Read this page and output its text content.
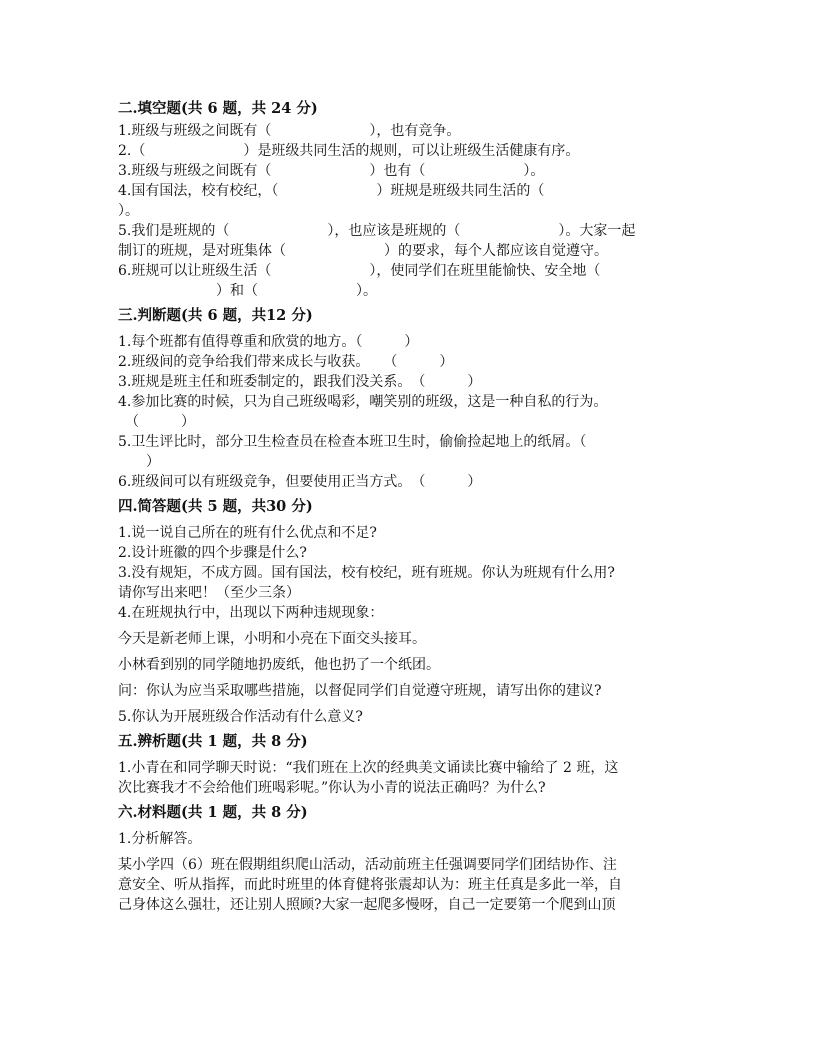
二.填空题(共 6 题，共 24 分)
1.班级与班级之间既有（　　　　　　　），也有竞争。
2.（　　　　　　　）是班级共同生活的规则，可以让班级生活健康有序。
3.班级与班级之间既有（　　　　　　　）也有（　　　　　　　）。
4.国有国法，校有校纪，（　　　　　　　）班规是班级共同生活的（
）。
5.我们是班规的（　　　　　　　），也应该是班规的（　　　　　　　）。大家一起
制订的班规，是对班集体（　　　　　　　）的要求，每个人都应该自觉遵守。
6.班规可以让班级生活（　　　　　　　），使同学们在班里能愉快、安全地（
　　　　　　　）和（　　　　　　　）。
三.判断题(共 6 题，共12 分)
1.每个班都有值得尊重和欣赏的地方。（　　　）
2.班级间的竞争给我们带来成长与收获。　　（　　　）
3.班规是班主任和班委制定的，跟我们没关系。　（　　　）
4.参加比赛的时候，只为自己班级喝彩，嘲笑别的班级，这是一种自私的行为。
　（　　　）
5.卫生评比时，部分卫生检查员在检查本班卫生时，偷偷捡起地上的纸屑。（
　　）
6.班级间可以有班级竞争，但要使用正当方式。　（　　　）
四.简答题(共 5 题，共30 分)
1.说一说自己所在的班有什么优点和不足?
2.设计班徽的四个步骤是什么?
3.没有规矩，不成方圆。国有国法，校有校纪，班有班规。你认为班规有什么用?
请你写出来吧！（至少三条）
4.在班规执行中，出现以下两种违规现象：
今天是新老师上课，小明和小亮在下面交头接耳。
小林看到别的同学随地扔废纸，他也扔了一个纸团。
问：你认为应当采取哪些措施，以督促同学们自觉遵守班规，请写出你的建议?
5.你认为开展班级合作活动有什么意义?
五.辨析题(共 1 题，共 8 分)
1.小青在和同学聊天时说：“我们班在上次的经典美文诵读比赛中输给了 2 班，这
次比赛我才不会给他们班喝彩呢。”你认为小青的说法正确吗？为什么?
六.材料题(共 1 题，共 8 分)
1.分析解答。
某小学四（6）班在假期组织爬山活动，活动前班主任强调要同学们团结协作、注
意安全、听从指挥，而此时班里的体育健将张震却认为：班主任真是多此一举，自
己身体这么强壮，还让别人照顾?大家一起爬多慢呀，自己一定要第一个爬到山顶
